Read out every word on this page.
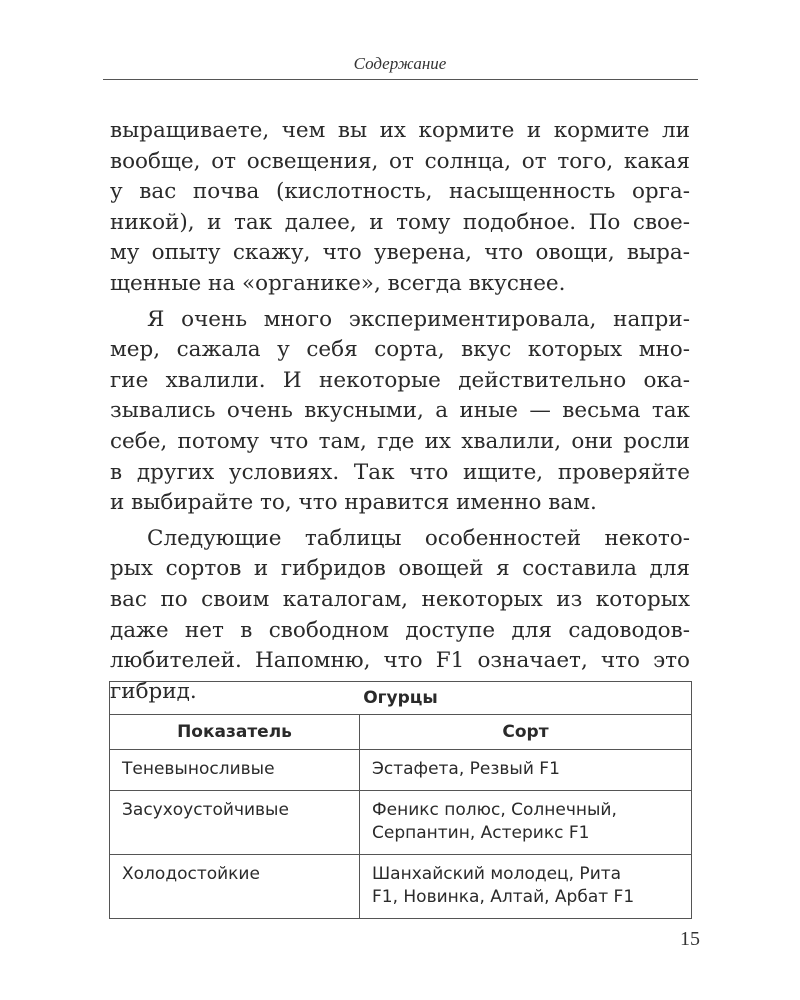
Содержание
выращиваете, чем вы их кормите и кормите ли
вообще, от освещения, от солнца, от того, какая
у вас почва (кислотность, насыщенность орга-
никой), и так далее, и тому подобное. По свое-
му опыту скажу, что уверена, что овощи, выра-
щенные на «органике», всегда вкуснее.
Я очень много экспериментировала, напри-
мер, сажала у себя сорта, вкус которых мно-
гие хвалили. И некоторые действительно ока-
зывались очень вкусными, а иные — весьма так
себе, потому что там, где их хвалили, они росли
в других условиях. Так что ищите, проверяйте
и выбирайте то, что нравится именно вам.
Следующие таблицы особенностей некото-
рых сортов и гибридов овощей я составила для
вас по своим каталогам, некоторых из которых
даже нет в свободном доступе для садоводов-
любителей. Напомню, что F1 означает, что это
гибрид.	Огурцы	
Показатель	Сорт
Теневыносливые	Эстафета, Резвый F1

Засухоустойчивые	Феникс полюс, Солнечный,
Серпантин, Астерикс F1

Холодостойкие	Шанхайский молодец, Рита
F1, Новинка, Алтай, Арбат F1
15
